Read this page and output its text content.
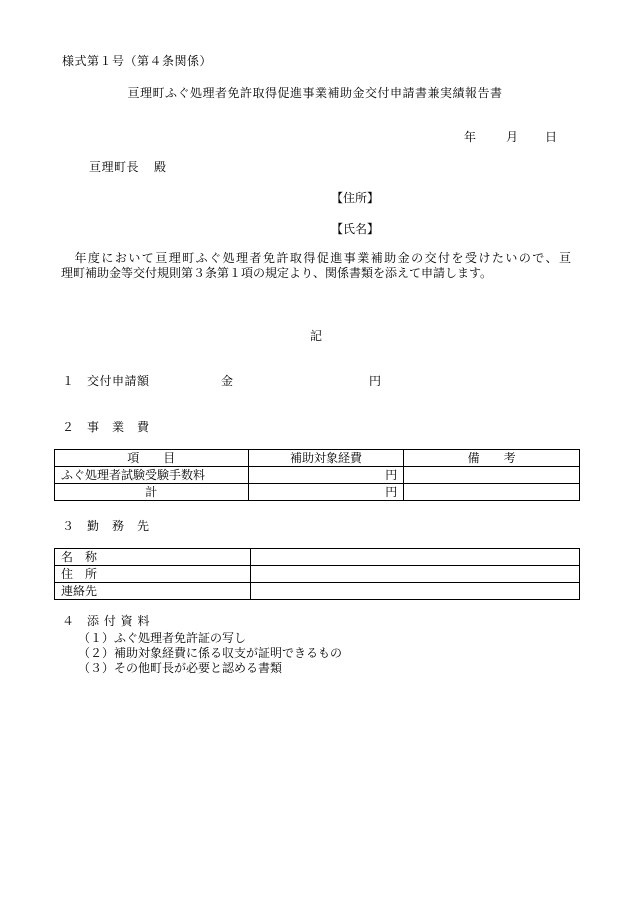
様式第１号（第４条関係）
亘理町ふぐ処理者免許取得促進事業補助金交付申請書兼実績報告書
年 月 日
亘理町長 殿
【住所】
【氏名】
　年度において亘理町ふぐ処理者免許取得促進事業補助金の交付を受けたいので、亘
理町補助金等交付規則第３条第１項の規定より、関係書類を添えて申請します。
記
１　交付申請額	金	円
２　事　業　費
項　　目	補助対象経費	備　　考
ふぐ処理者試験受験手数料	円	
計	円	
３　勤　務　先
名　称	
住　所	
連絡先	
４　添 付 資 料
（１）ふぐ処理者免許証の写し
（２）補助対象経費に係る収支が証明できるもの
（３）その他町長が必要と認める書類
